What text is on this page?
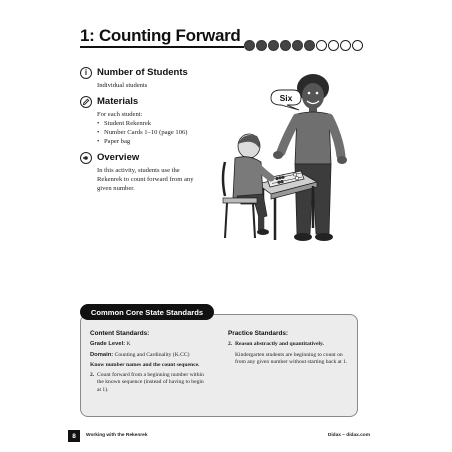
1: Counting Forward
i	Number of Students
Individual students
Materials
For each student:
• Student Rekenrek
• Number Cards 1–10 (page 106)
• Paper bag
Overview
In this activity, students use the
Rekenrek to count forward from any
given number.
Six
Common Core State Standards
Content Standards:
Grade Level: K
Domain: Counting and Cardinality (K.CC)
Know number names and the count sequence.
2. Count forward from a beginning number within
the known sequence (instead of having to begin
at 1).
Practice Standards:
2. Reason abstractly and quantitatively.
Kindergarten students are beginning to count on
from any given number without starting back at 1.
8	Working with the Rekenrek	Didax – didax.com
